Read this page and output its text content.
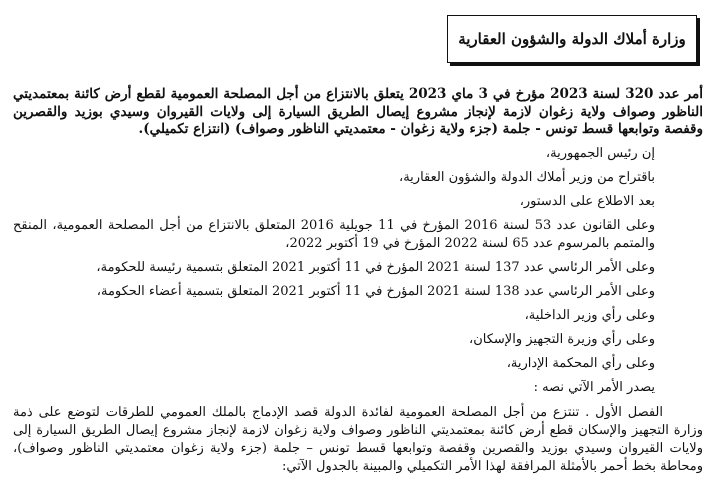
وزارة أملاك الدولة والشؤون العقارية

أمر عدد 320 لسنة 2023 مؤرخ في 3 ماي 2023 يتعلق بالانتزاع من أجل المصلحة العمومية لقطع أرض كائنة بمعتمديتي الناظور وصواف ولاية زغوان لازمة لإنجاز مشروع إيصال الطريق السيارة إلى ولايات القيروان وسيدي بوزيد والقصرين وقفصة وتوابعها قسط تونس - جلمة (جزء ولاية زغوان - معتمديتي الناظور وصواف) (انتزاع تكميلي).

إن رئيس الجمهورية،

باقتراح من وزير أملاك الدولة والشؤون العقارية،

بعد الاطلاع على الدستور،

وعلى القانون عدد 53 لسنة 2016 المؤرخ في 11 جويلية 2016 المتعلق بالانتزاع من أجل المصلحة العمومية، المنقح والمتمم بالمرسوم عدد 65 لسنة 2022 المؤرخ في 19 أكتوبر 2022،

وعلى الأمر الرئاسي عدد 137 لسنة 2021 المؤرخ في 11 أكتوبر 2021 المتعلق بتسمية رئيسة للحكومة،

وعلى الأمر الرئاسي عدد 138 لسنة 2021 المؤرخ في 11 أكتوبر 2021 المتعلق بتسمية أعضاء الحكومة،

وعلى رأي وزير الداخلية،

وعلى رأي وزيرة التجهيز والإسكان،

وعلى رأي المحكمة الإدارية،

يصدر الأمر الآتي نصه :

الفصل الأول . تنتزع من أجل المصلحة العمومية لفائدة الدولة قصد الإدماج بالملك العمومي للطرقات لتوضع على ذمة وزارة التجهيز والإسكان قطع أرض كائنة بمعتمديتي الناظور وصواف ولاية زغوان لازمة لإنجاز مشروع إيصال الطريق السيارة إلى ولايات القيروان وسيدي بوزيد والقصرين وقفصة وتوابعها قسط تونس – جلمة (جزء ولاية زغوان معتمديتي الناظور وصواف)، ومحاطة بخط أحمر بالأمثلة المرافقة لهذا الأمر التكميلي والمبينة بالجدول الآتي:
